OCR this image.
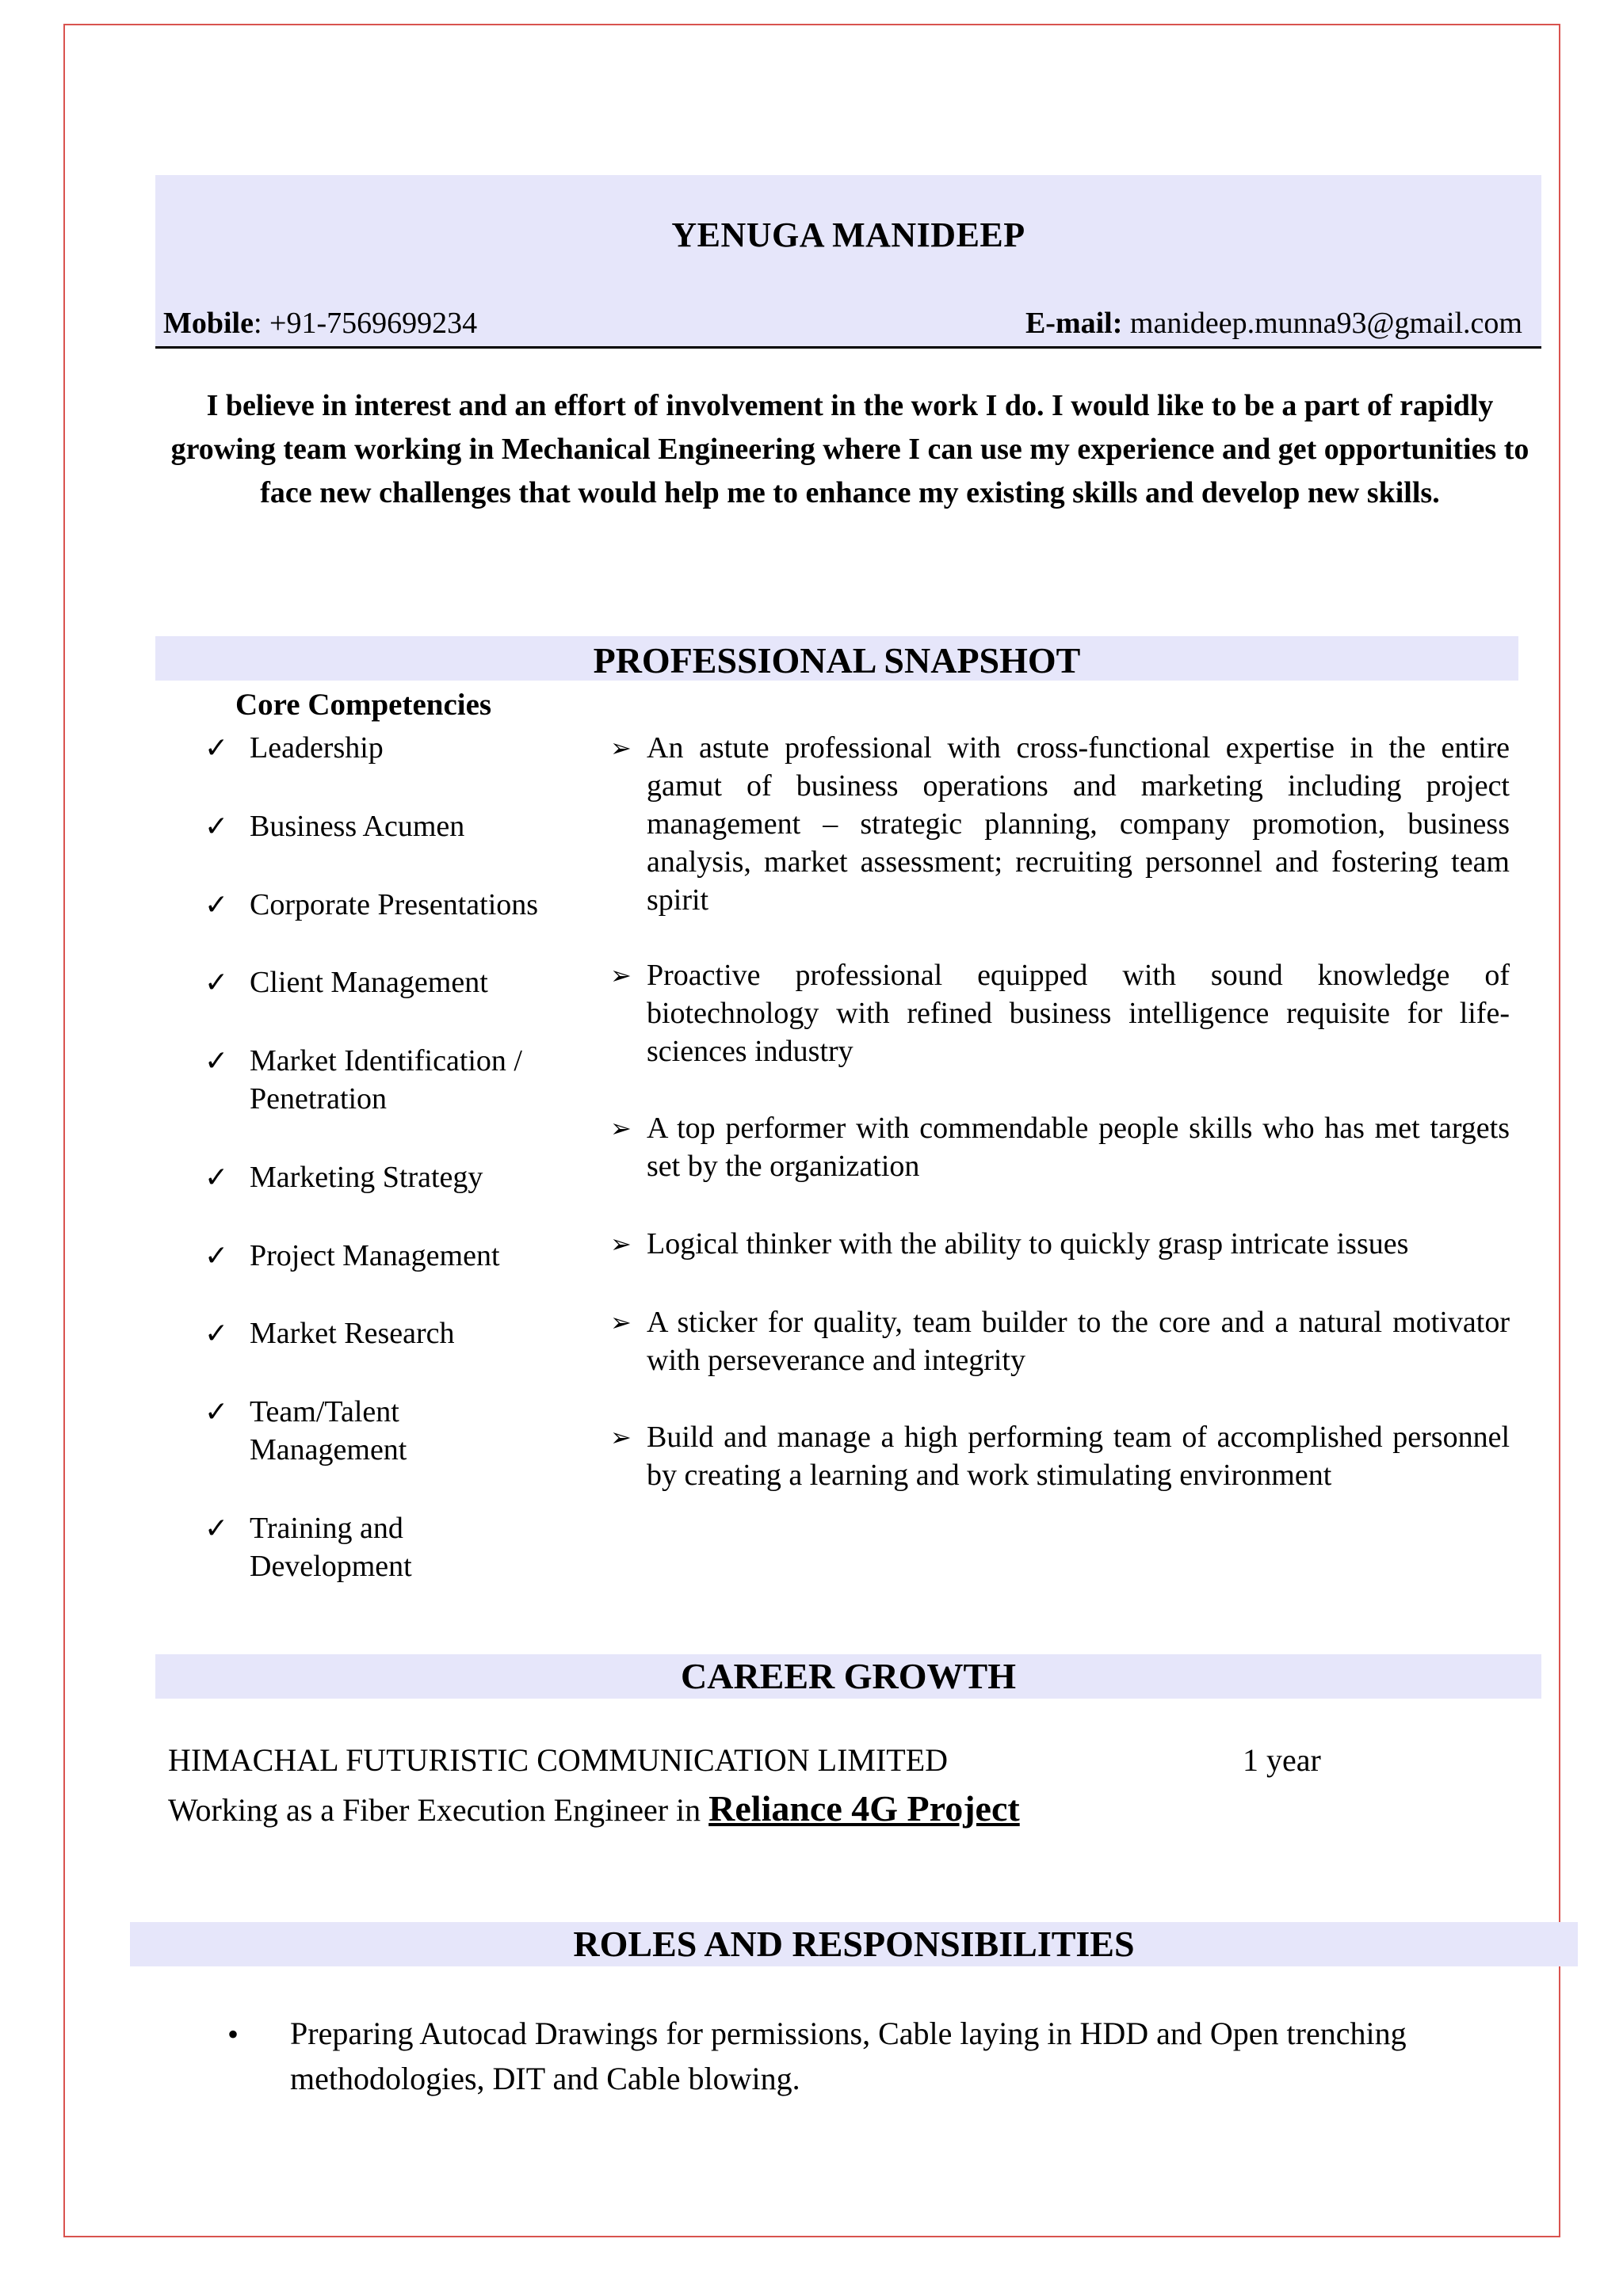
YENUGA MANIDEEP
Mobile: +91-7569699234	E-mail: manideep.munna93@gmail.com
I believe in interest and an effort of involvement in the work I do. I would like to be a part of rapidly growing team working in Mechanical Engineering where I can use my experience and get opportunities to face new challenges that would help me to enhance my existing skills and develop new skills.
PROFESSIONAL SNAPSHOT
Core Competencies
✓ Leadership
✓ Business Acumen
✓ Corporate Presentations
✓ Client Management
✓ Market Identification / Penetration
✓ Marketing Strategy
✓ Project Management
✓ Market Research
✓ Team/Talent Management
✓ Training and Development
➢ An astute professional with cross-functional expertise in the entire gamut of business operations and marketing including project management – strategic planning, company promotion, business analysis, market assessment; recruiting personnel and fostering team spirit
➢ Proactive professional equipped with sound knowledge of biotechnology with refined business intelligence requisite for life-sciences industry
➢ A top performer with commendable people skills who has met targets set by the organization
➢ Logical thinker with the ability to quickly grasp intricate issues
➢ A sticker for quality, team builder to the core and a natural motivator with perseverance and integrity
➢ Build and manage a high performing team of accomplished personnel by creating a learning and work stimulating environment
CAREER GROWTH
HIMACHAL FUTURISTIC COMMUNICATION LIMITED	1 year
Working as a Fiber Execution Engineer in Reliance 4G Project
ROLES AND RESPONSIBILITIES
• Preparing Autocad Drawings for permissions, Cable laying in HDD and Open trenching methodologies, DIT and Cable blowing.
